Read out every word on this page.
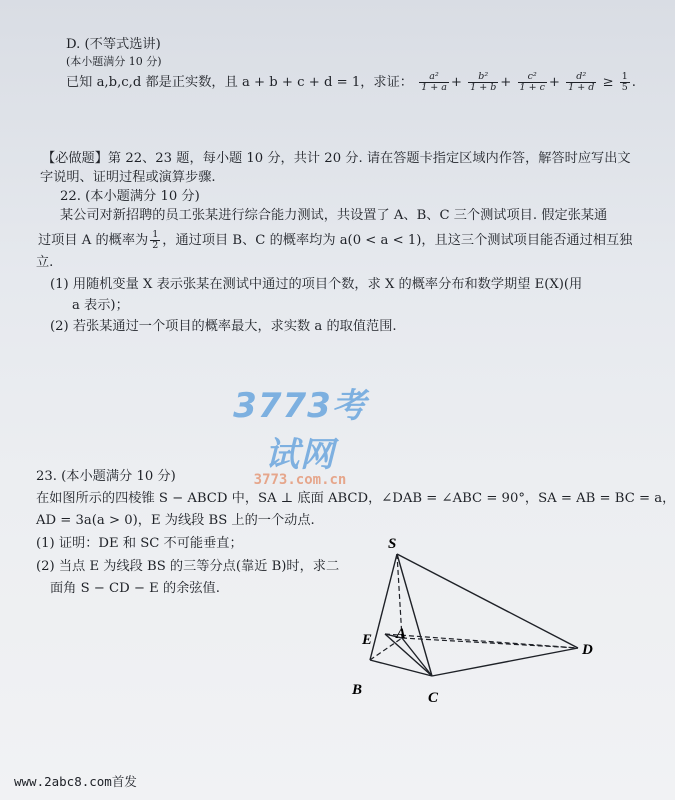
D. (不等式选讲)
(本小题满分 10 分)
已知 a,b,c,d 都是正实数，且 a + b + c + d = 1，求证： $\frac{\text{a²}}{1 + a} + \frac{\text{b²}}{1 + b} + \frac{\text{c²}}{1 + c} + \frac{\text{d²}}{1 + d} \ge \frac{1}{5}$ .
【必做题】第 22、23 题，每小题 10 分，共计 20 分. 请在答题卡指定区域内作答，解答时应写出文
字说明、证明过程或演算步骤.
22. (本小题满分 10 分)
某公司对新招聘的员工张某进行综合能力测试，共设置了 A、B、C 三个测试项目. 假定张某通
过项目 A 的概率为 $\frac{1}{2}$ ，通过项目 B、C 的概率均为 a(0 < a < 1)，且这三个测试项目能否通过相互独
立.
(1) 用随机变量 X 表示张某在测试中通过的项目个数，求 X 的概率分布和数学期望 E(X)(用
a 表示)；
(2) 若张某通过一个项目的概率最大，求实数 a 的取值范围.
3773考试网
3773.com.cn
23. (本小题满分 10 分)
在如图所示的四棱锥 S − ABCD 中，SA ⊥ 底面 ABCD，∠DAB = ∠ABC = 90°，SA = AB = BC = a，
AD = 3a(a > 0)，E 为线段 BS 上的一个动点.
(1) 证明：DE 和 SC 不可能垂直；
(2) 当点 E 为线段 BS 的三等分点(靠近 B)时，求二
面角 S − CD − E 的余弦值.
S
E A
B	C
D
www.2abc8.com首发
